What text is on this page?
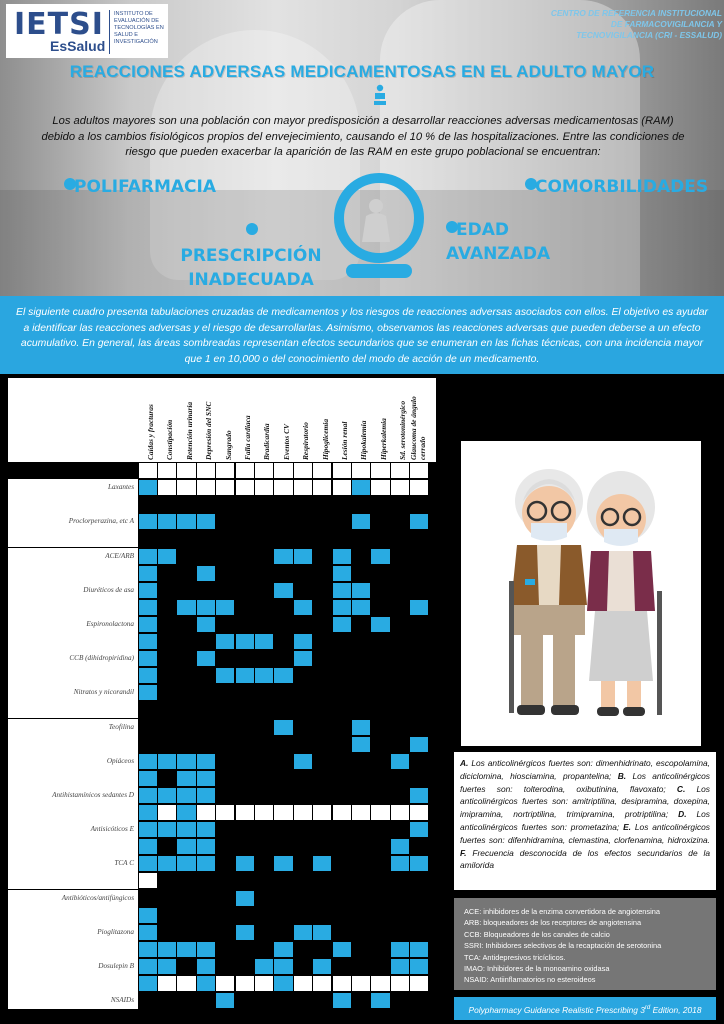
IETSI
EsSalud
INSTITUTO DE EVALUACIÓN DE TECNOLOGÍAS EN SALUD E INVESTIGACIÓN
CENTRO DE REFERENCIA INSTITUCIONAL DE FARMACOVIGILANCIA Y TECNOVIGILANCIA (CRI - ESSALUD)
REACCIONES ADVERSAS MEDICAMENTOSAS EN EL ADULTO MAYOR
Los adultos mayores son una población con mayor predisposición a desarrollar reacciones adversas medicamentosas (RAM) debido a los cambios fisiológicos propios del envejecimiento, causando el 10 % de las hospitalizaciones. Entre las condiciones de riesgo que pueden exacerbar la aparición de las RAM en este grupo poblacional se encuentran:
POLIFARMACIA
PRESCRIPCIÓN INADECUADA
COMORBILIDADES
EDAD AVANZADA

El siguiente cuadro presenta tabulaciones cruzadas de medicamentos y los riesgos de reacciones adversas asociados con ellos. El objetivo es ayudar a identificar las reacciones adversas y el riesgo de desarrollarlas. Asimismo, observamos las reacciones adversas que pueden deberse a un efecto acumulativo. En general, las áreas sombreadas representan efectos secundarios que se enumeran en las fichas técnicas, con una incidencia mayor que 1 en 10,000 o del conocimiento del modo de acción de un medicamento.

Caídas y fracturas Constipación Retención urinaria Depresión del SNC Sangrado Falla cardiaca Bradicardia Eventos CV Respiratorio Hipoglicemia Lesión renal Hipokalemia Hiperkalemia Sd. serotoninérgico Glaucoma de ángulo cerrado
Laxantes
Proclorperazina, etc A
ACE/ARB
Diuréticos de asa
Espironolactona
CCB (dihidropiridina)
Nitratos y nicorandil
Teofilina
Opiáceos
Antihistamínicos sedantes D
Antisicóticos E
TCA C
Antibióticos/antifúngicos
Pioglitazona
Dosulepin B
NSAIDs
A. Los anticolinérgicos fuertes son: dimenhidrinato, escopolamina, diciclomina, hiosciamina, propantelina; B. Los anticolinérgicos fuertes son: tolterodina, oxibutinina, flavoxato; C. Los anticolinérgicos fuertes son: amitriptilina, desipramina, doxepina, imipramina, nortriptilina, trimipramina, protriptilina; D. Los anticolinérgicos fuertes son: prometazina; E. Los anticolinérgicos fuertes son: difenhidramina, clemastina, clorfenamina, hidroxizina. F. Frecuencia desconocida de los efectos secundarios de la amilorida
ACE: inhibidores de la enzima convertidora de angiotensina
ARB: bloqueadores de los receptores de angiotensina
CCB: Bloqueadores de los canales de calcio
SSRI: Inhibidores selectivos de la recaptación de serotonina
TCA: Antidepresivos tricíclicos.
IMAO: Inhibidores de la monoamino oxidasa
NSAID: Antiinflamatorios no esteroideos
Polypharmacy Guidance Realistic Prescribing 3rd Edition, 2018
